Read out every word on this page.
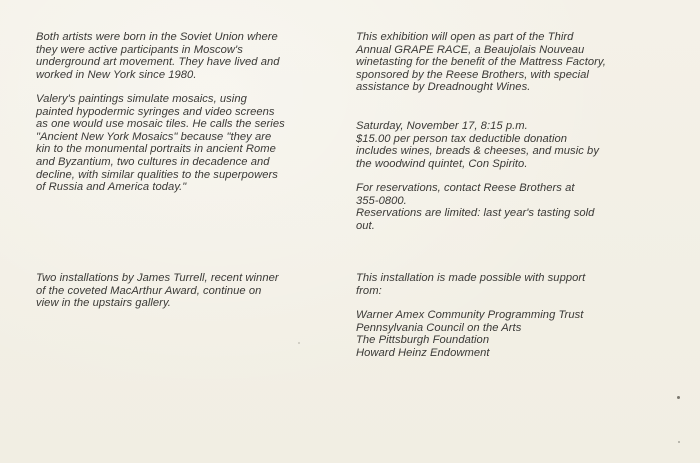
Both artists were born in the Soviet Union where
they were active participants in Moscow's
underground art movement. They have lived and
worked in New York since 1980.
Valery's paintings simulate mosaics, using
painted hypodermic syringes and video screens
as one would use mosaic tiles. He calls the series
"Ancient New York Mosaics" because "they are
kin to the monumental portraits in ancient Rome
and Byzantium, two cultures in decadence and
decline, with similar qualities to the superpowers
of Russia and America today."
Two installations by James Turrell, recent winner
of the coveted MacArthur Award, continue on
view in the upstairs gallery.
This exhibition will open as part of the Third
Annual GRAPE RACE, a Beaujolais Nouveau
winetasting for the benefit of the Mattress Factory,
sponsored by the Reese Brothers, with special
assistance by Dreadnought Wines.
Saturday, November 17, 8:15 p.m.
$15.00 per person tax deductible donation
includes wines, breads & cheeses, and music by
the woodwind quintet, Con Spirito.
For reservations, contact Reese Brothers at
355-0800.
Reservations are limited: last year's tasting sold
out.
This installation is made possible with support
from:
Warner Amex Community Programming Trust
Pennsylvania Council on the Arts
The Pittsburgh Foundation
Howard Heinz Endowment
